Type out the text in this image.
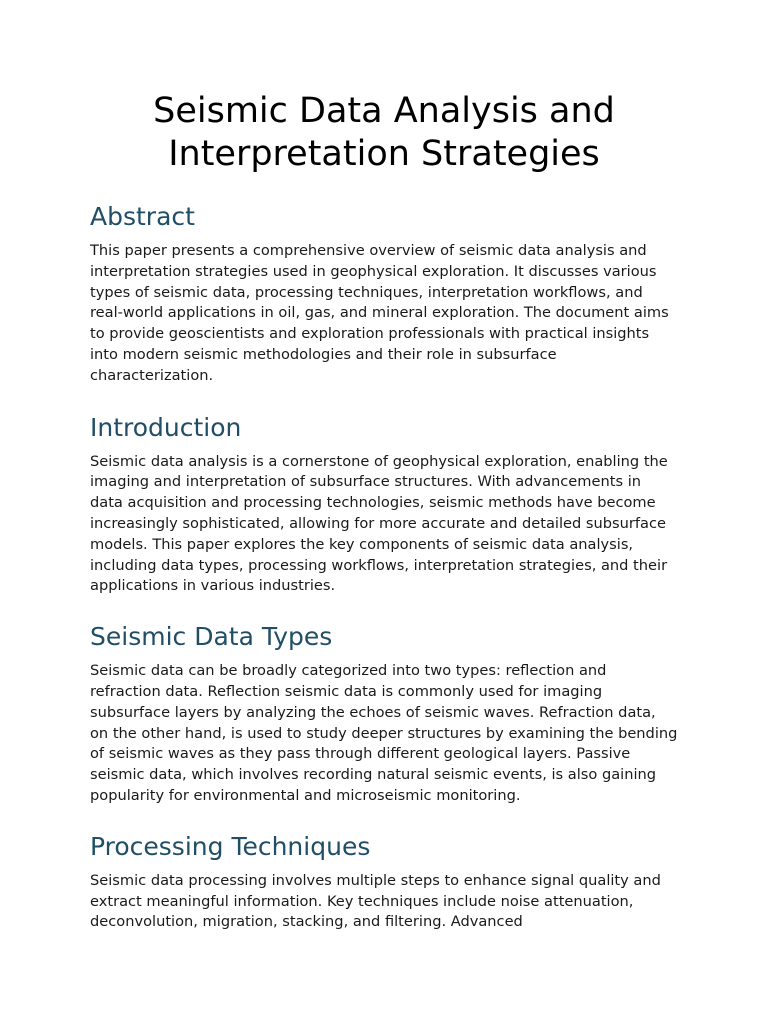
Seismic Data Analysis and
Interpretation Strategies
Abstract

This paper presents a comprehensive overview of seismic data analysis and interpretation strategies used in geophysical exploration. It discusses various types of seismic data, processing techniques, interpretation workflows, and real-world applications in oil, gas, and mineral exploration. The document aims to provide geoscientists and exploration professionals with practical insights into modern seismic methodologies and their role in subsurface characterization.

Introduction

Seismic data analysis is a cornerstone of geophysical exploration, enabling the imaging and interpretation of subsurface structures. With advancements in data acquisition and processing technologies, seismic methods have become increasingly sophisticated, allowing for more accurate and detailed subsurface models. This paper explores the key components of seismic data analysis, including data types, processing workflows, interpretation strategies, and their applications in various industries.

Seismic Data Types

Seismic data can be broadly categorized into two types: reflection and refraction data. Reflection seismic data is commonly used for imaging subsurface layers by analyzing the echoes of seismic waves. Refraction data, on the other hand, is used to study deeper structures by examining the bending of seismic waves as they pass through different geological layers. Passive seismic data, which involves recording natural seismic events, is also gaining popularity for environmental and microseismic monitoring.

Processing Techniques

Seismic data processing involves multiple steps to enhance signal quality and extract meaningful information. Key techniques include noise attenuation, deconvolution, migration, stacking, and filtering. Advanced
